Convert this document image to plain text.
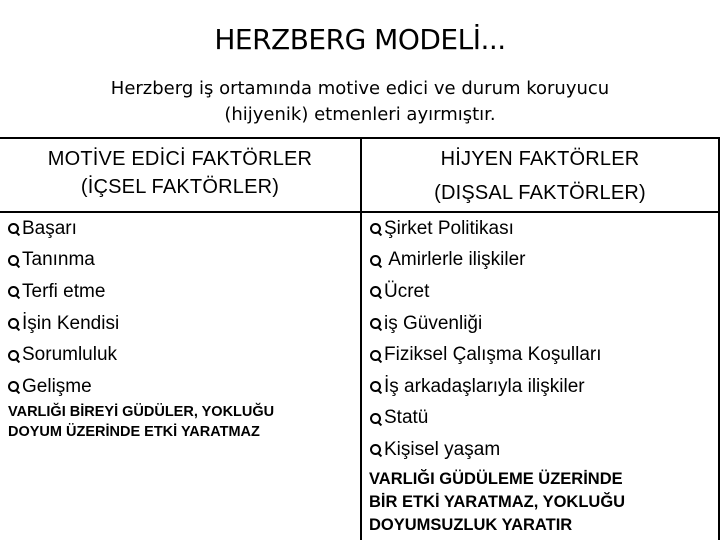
HERZBERG MODELİ...
Herzberg iş ortamında motive edici ve durum koruyucu
(hijyenik) etmenleri ayırmıştır.
MOTİVE EDİCİ FAKTÖRLER
(İÇSEL FAKTÖRLER)
HİJYEN FAKTÖRLER
(DIŞSAL FAKTÖRLER)
Başarı
Tanınma
Terfi etme
İşin Kendisi
Sorumluluk
Gelişme
VARLIĞI BİREYİ GÜDÜLER, YOKLUĞU
DOYUM ÜZERİNDE ETKİ YARATMAZ
Şirket Politikası
Amirlerle ilişkiler
Ücret
iş Güvenliği
Fiziksel Çalışma Koşulları
İş arkadaşlarıyla ilişkiler
Statü
Kişisel yaşam
VARLIĞI GÜDÜLEME ÜZERİNDE
BİR ETKİ YARATMAZ, YOKLUĞU
DOYUMSUZLUK YARATIR
